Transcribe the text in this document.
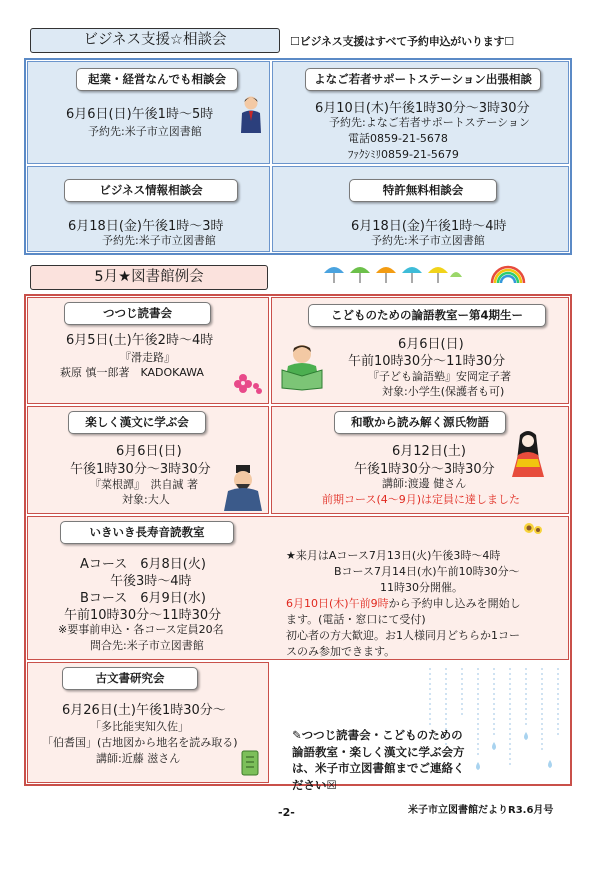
ビジネス支援☆相談会	☐ビジネス支援はすべて予約申込がいります☐
起業・経営なんでも相談会
6月6日(日)午後1時～5時
予約先:米子市立図書館
よなご若者サポートステーション出張相談
6月10日(木)午後1時30分～3時30分
予約先:よなご若者サポートステーション
電話0859-21-5678
ﾌｧｸｼﾐﾘ0859-21-5679
ビジネス情報相談会
6月18日(金)午後1時～3時
予約先:米子市立図書館
特許無料相談会
6月18日(金)午後1時～4時
予約先:米子市立図書館
5月★図書館例会
つつじ読書会
6月5日(土)午後2時～4時
『滑走路』
萩原 慎一郎著　KADOKAWA
こどものための論語教室ー第4期生ー
6月6日(日)
午前10時30分～11時30分
『子ども論語塾』安岡定子著
対象:小学生(保護者も可)
楽しく漢文に学ぶ会
6月6日(日)
午後1時30分～3時30分
『菜根譚』　洪自誠 著
対象:大人
和歌から読み解く源氏物語
6月12日(土)
午後1時30分～3時30分
講師:渡邊 健さん
前期コース(4～9月)は定員に達しました
いきいき長寿音読教室
Aコース　6月8日(火)
午後3時～4時
Bコース　6月9日(水)
午前10時30分～11時30分
※要事前申込・各コース定員20名
問合先:米子市立図書館
★来月はAコース7月13日(火)午後3時～4時
Bコース7月14日(水)午前10時30分～
11時30分開催。
6月10日(木)午前9時から予約申し込みを開始し
ます。(電話・窓口にて受付)
初心者の方大歓迎。お1人様同月どちらか1コー
スのみ参加できます。
古文書研究会
6月26日(土)午後1時30分～
「多比能実知久佐」
「伯耆国」(古地図から地名を読み取る)
講師:近藤 滋さん
✎つつじ読書会・こどものための
論語教室・楽しく漢文に学ぶ会方
は、米子市立図書館までご連絡く
ださい☒
-2-	米子市立図書館だよりR3.6月号
